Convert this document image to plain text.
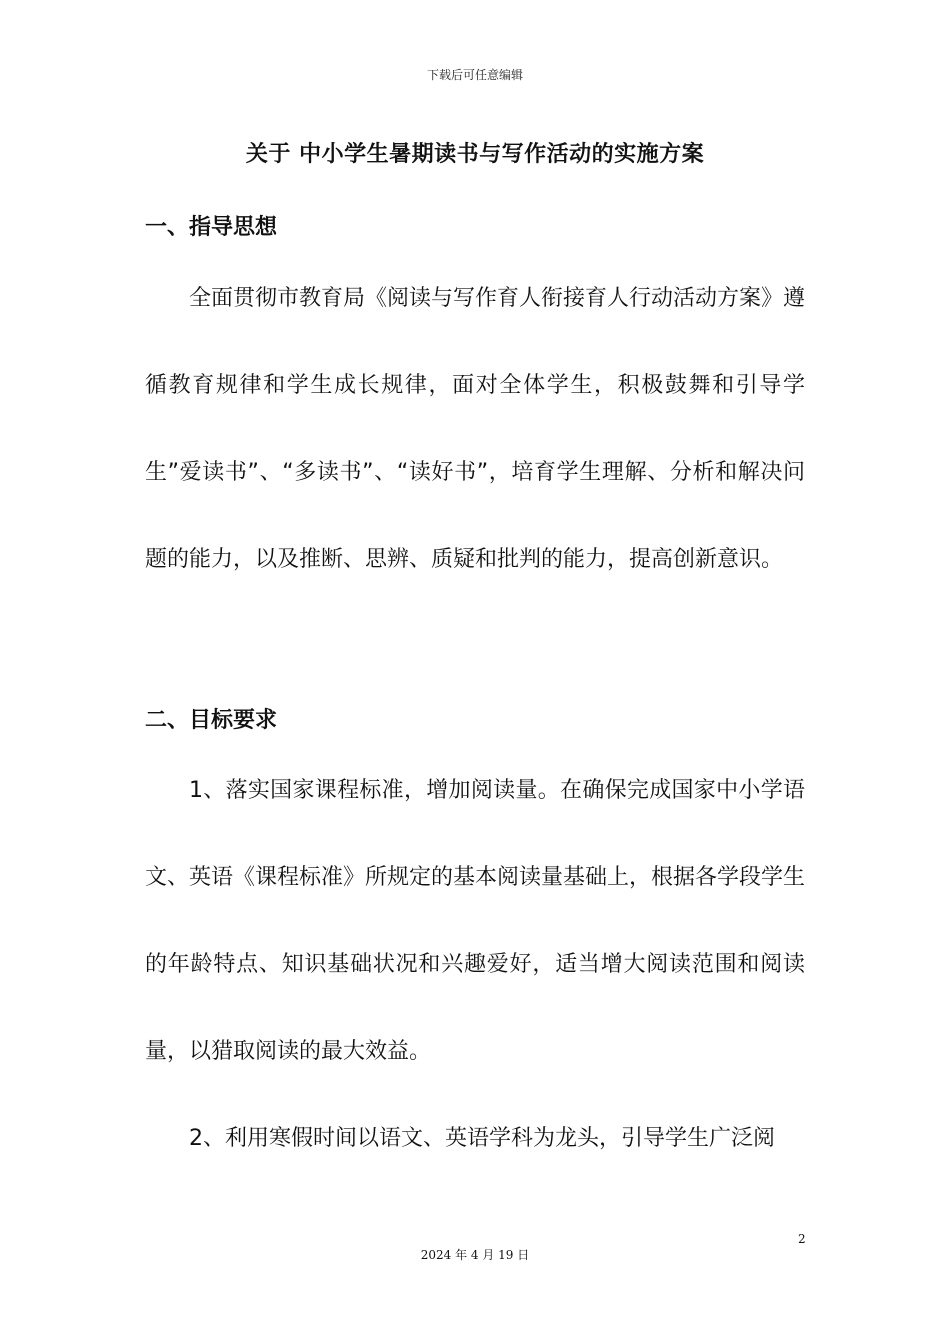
下载后可任意编辑
关于 中小学生暑期读书与写作活动的实施方案
一、指导思想

全面贯彻市教育局《阅读与写作育人衔接育人行动活动方案》遵循教育规律和学生成长规律，面对全体学生，积极鼓舞和引导学生”爱读书”、“多读书”、“读好书”，培育学生理解、分析和解决问题的能力，以及推断、思辨、质疑和批判的能力，提高创新意识。

二、目标要求

1、落实国家课程标准，增加阅读量。在确保完成国家中小学语文、英语《课程标准》所规定的基本阅读量基础上，根据各学段学生的年龄特点、知识基础状况和兴趣爱好，适当增大阅读范围和阅读量，以猎取阅读的最大效益。

2、利用寒假时间以语文、英语学科为龙头，引导学生广泛阅

2
2024 年 4 月 19 日
